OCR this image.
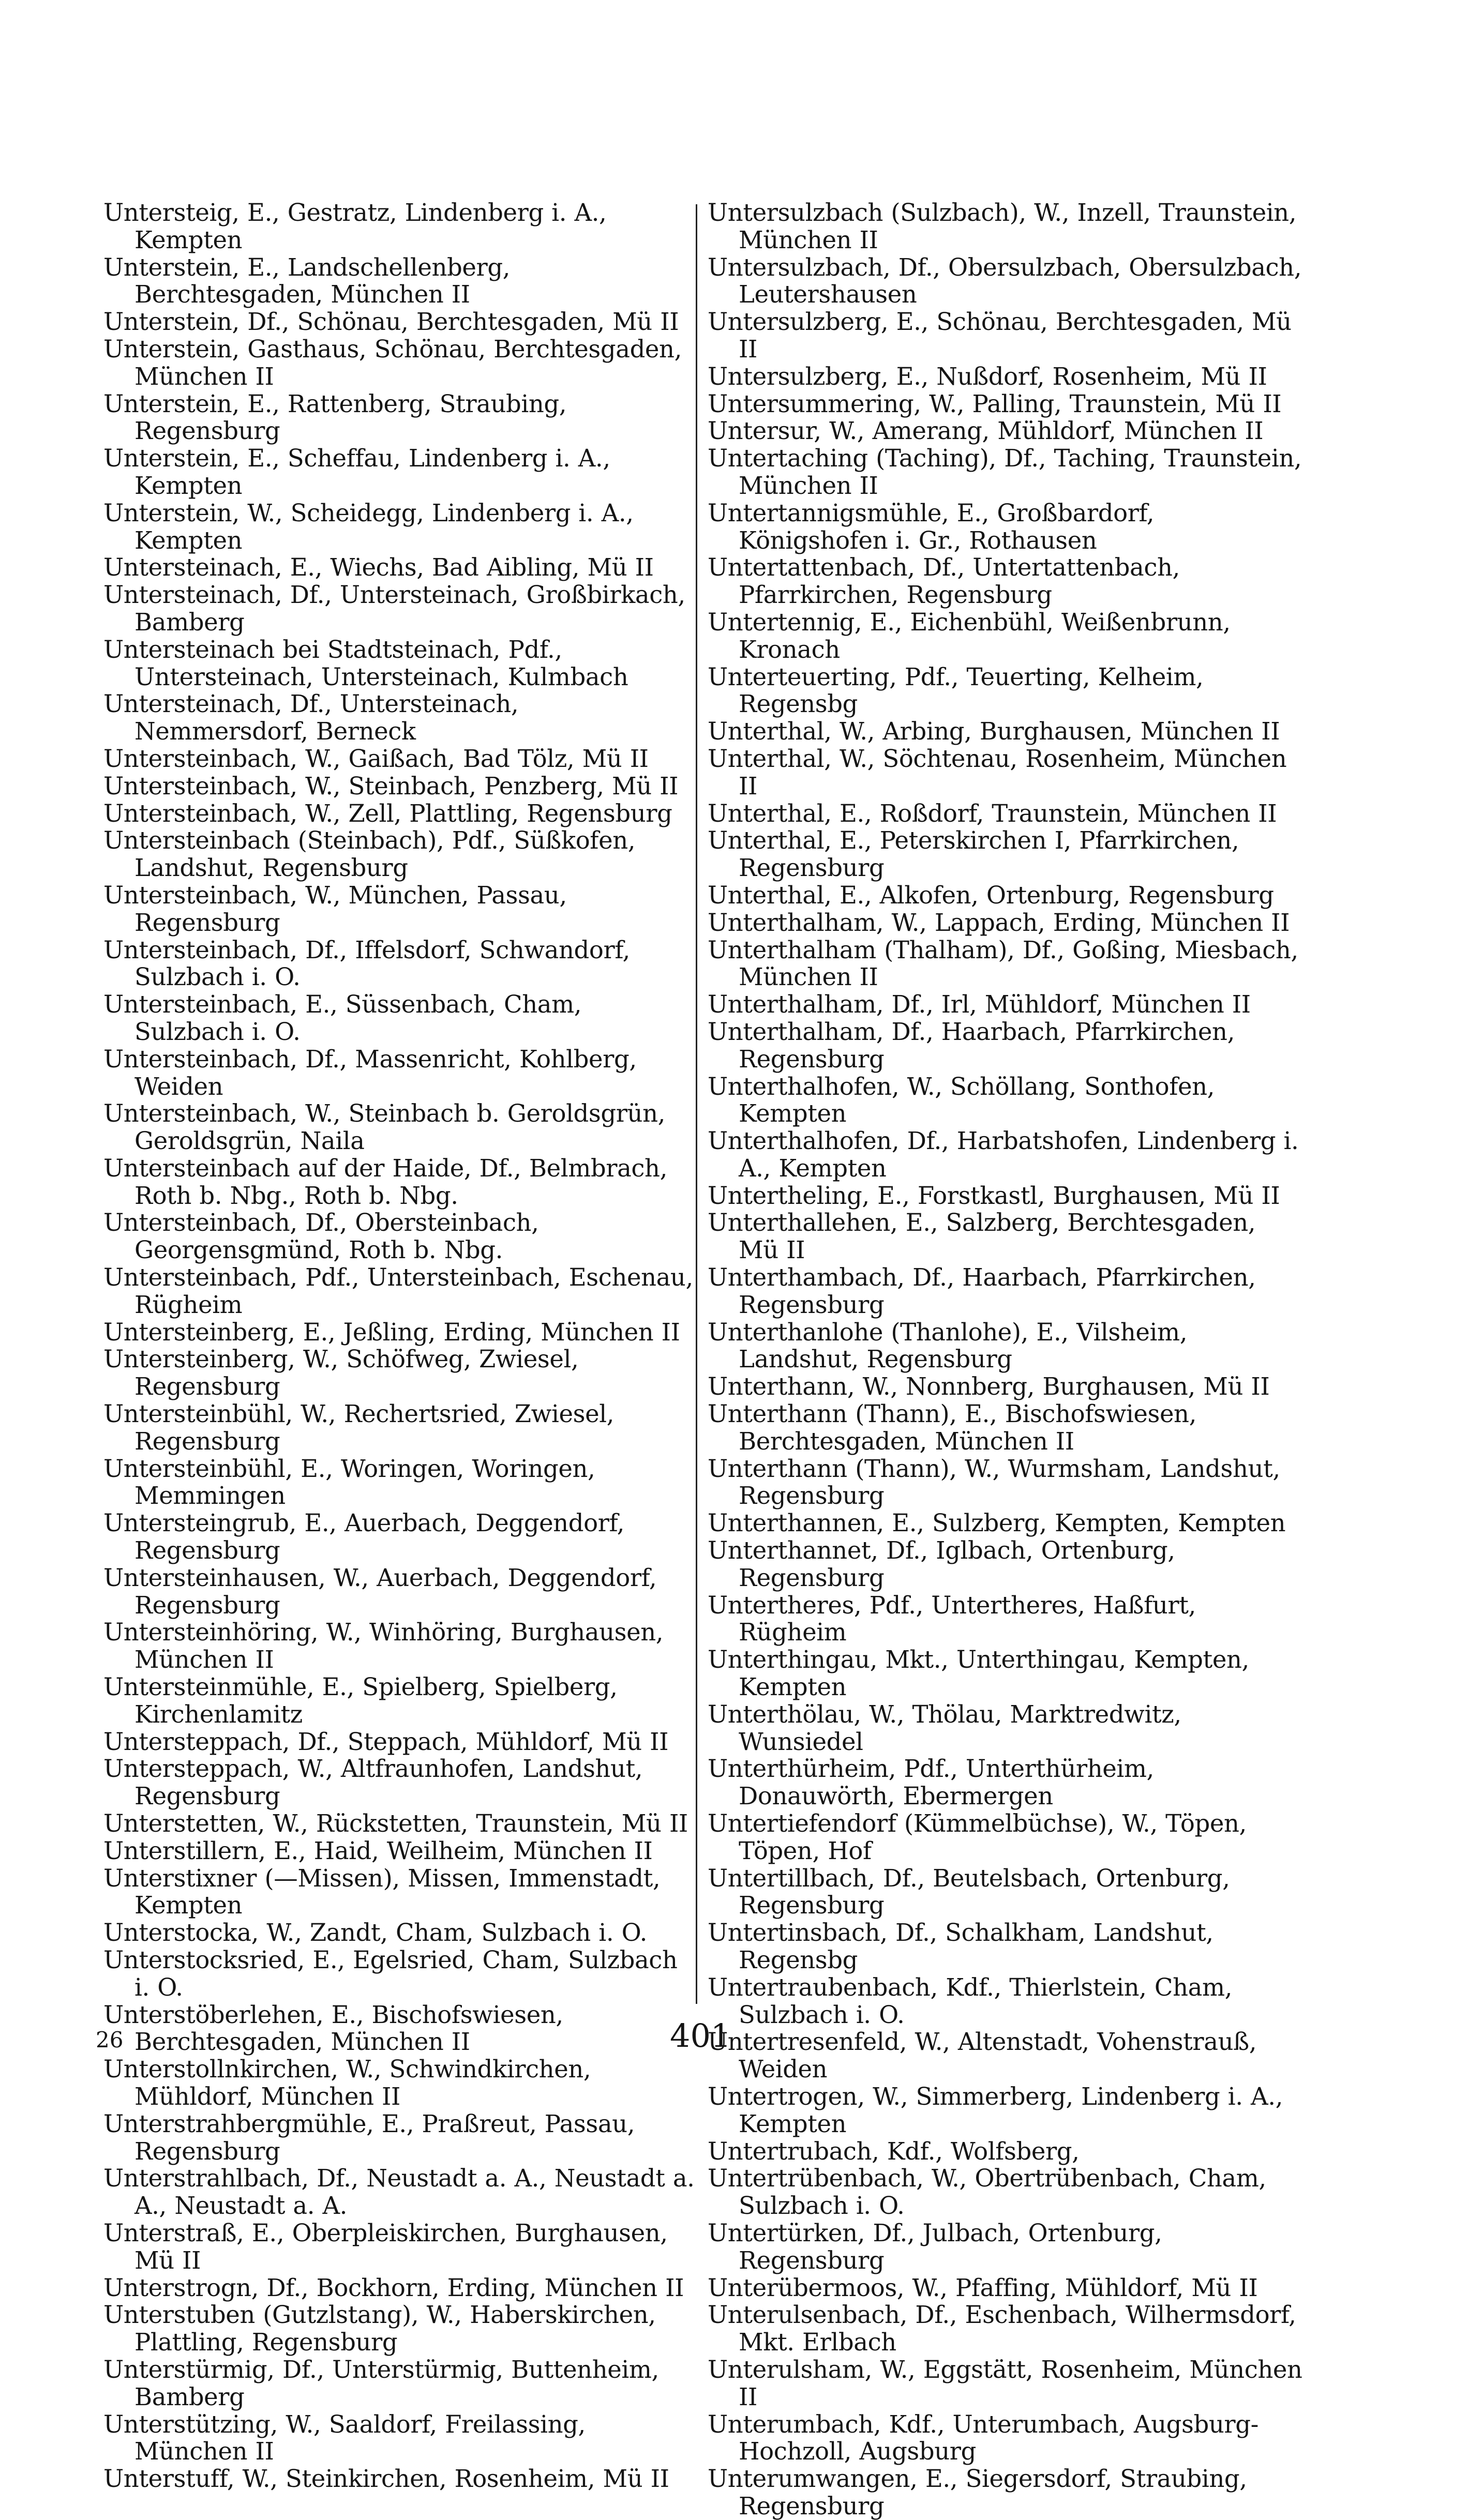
Untersteig, E., Gestratz, Lindenberg i. A., Kempten
Unterstein, E., Landschellenberg, Berchtesgaden, München II
Unterstein, Df., Schönau, Berchtesgaden, Mü II
Unterstein, Gasthaus, Schönau, Berchtesgaden, München II
Unterstein, E., Rattenberg, Straubing, Regensburg
Unterstein, E., Scheffau, Lindenberg i. A., Kempten
Unterstein, W., Scheidegg, Lindenberg i. A., Kempten
Untersteinach, E., Wiechs, Bad Aibling, Mü II
Untersteinach, Df., Untersteinach, Großbirkach, Bamberg
Untersteinach bei Stadtsteinach, Pdf., Untersteinach, Untersteinach, Kulmbach
Untersteinach, Df., Untersteinach, Nemmersdorf, Berneck
Untersteinbach, W., Gaißach, Bad Tölz, Mü II
Untersteinbach, W., Steinbach, Penzberg, Mü II
Untersteinbach, W., Zell, Plattling, Regensburg
Untersteinbach (Steinbach), Pdf., Süßkofen, Landshut, Regensburg
Untersteinbach, W., München, Passau, Regensburg
Untersteinbach, Df., Iffelsdorf, Schwandorf, Sulzbach i. O.
Untersteinbach, E., Süssenbach, Cham, Sulzbach i. O.
Untersteinbach, Df., Massenricht, Kohlberg, Weiden
Untersteinbach, W., Steinbach b. Geroldsgrün, Geroldsgrün, Naila
Untersteinbach auf der Haide, Df., Belmbrach, Roth b. Nbg., Roth b. Nbg.
Untersteinbach, Df., Obersteinbach, Georgensgmünd, Roth b. Nbg.
Untersteinbach, Pdf., Untersteinbach, Eschenau, Rügheim
Untersteinberg, E., Jeßling, Erding, München II
Untersteinberg, W., Schöfweg, Zwiesel, Regensburg
Untersteinbühl, W., Rechertsried, Zwiesel, Regensburg
Untersteinbühl, E., Woringen, Woringen, Memmingen
Untersteingrub, E., Auerbach, Deggendorf, Regensburg
Untersteinhausen, W., Auerbach, Deggendorf, Regensburg
Untersteinhöring, W., Winhöring, Burghausen, München II
Untersteinmühle, E., Spielberg, Spielberg, Kirchenlamitz
Untersteppach, Df., Steppach, Mühldorf, Mü II
Untersteppach, W., Altfraunhofen, Landshut, Regensburg
Unterstetten, W., Rückstetten, Traunstein, Mü II
Unterstillern, E., Haid, Weilheim, München II
Unterstixner (—Missen), Missen, Immenstadt, Kempten
Unterstocka, W., Zandt, Cham, Sulzbach i. O.
Unterstocksried, E., Egelsried, Cham, Sulzbach i. O.
Unterstöberlehen, E., Bischofswiesen, Berchtesgaden, München II
Unterstollnkirchen, W., Schwindkirchen, Mühldorf, München II
Unterstrahbergmühle, E., Praßreut, Passau, Regensburg
Unterstrahlbach, Df., Neustadt a. A., Neustadt a. A., Neustadt a. A.
Unterstraß, E., Oberpleiskirchen, Burghausen, Mü II
Unterstrogn, Df., Bockhorn, Erding, München II
Unterstuben (Gutzlstang), W., Haberskirchen, Plattling, Regensburg
Unterstürmig, Df., Unterstürmig, Buttenheim, Bamberg
Unterstützing, W., Saaldorf, Freilassing, München II
Unterstuff, W., Steinkirchen, Rosenheim, Mü II
Untersulzbach (Sulzbach), W., Inzell, Traunstein, München II
Untersulzbach, Df., Obersulzbach, Obersulzbach, Leutershausen
Untersulzberg, E., Schönau, Berchtesgaden, Mü II
Untersulzberg, E., Nußdorf, Rosenheim, Mü II
Untersummering, W., Palling, Traunstein, Mü II
Untersur, W., Amerang, Mühldorf, München II
Untertaching (Taching), Df., Taching, Traunstein, München II
Untertannigsmühle, E., Großbardorf, Königshofen i. Gr., Rothausen
Untertattenbach, Df., Untertattenbach, Pfarrkirchen, Regensburg
Untertennig, E., Eichenbühl, Weißenbrunn, Kronach
Unterteuerting, Pdf., Teuerting, Kelheim, Regensbg
Unterthal, W., Arbing, Burghausen, München II
Unterthal, W., Söchtenau, Rosenheim, München II
Unterthal, E., Roßdorf, Traunstein, München II
Unterthal, E., Peterskirchen I, Pfarrkirchen, Regensburg
Unterthal, E., Alkofen, Ortenburg, Regensburg
Unterthalham, W., Lappach, Erding, München II
Unterthalham (Thalham), Df., Goßing, Miesbach, München II
Unterthalham, Df., Irl, Mühldorf, München II
Unterthalham, Df., Haarbach, Pfarrkirchen, Regensburg
Unterthalhofen, W., Schöllang, Sonthofen, Kempten
Unterthalhofen, Df., Harbatshofen, Lindenberg i. A., Kempten
Untertheling, E., Forstkastl, Burghausen, Mü II
Unterthallehen, E., Salzberg, Berchtesgaden, Mü II
Unterthambach, Df., Haarbach, Pfarrkirchen, Regensburg
Unterthanlohe (Thanlohe), E., Vilsheim, Landshut, Regensburg
Unterthann, W., Nonnberg, Burghausen, Mü II
Unterthann (Thann), E., Bischofswiesen, Berchtesgaden, München II
Unterthann (Thann), W., Wurmsham, Landshut, Regensburg
Unterthannen, E., Sulzberg, Kempten, Kempten
Unterthannet, Df., Iglbach, Ortenburg, Regensburg
Untertheres, Pdf., Untertheres, Haßfurt, Rügheim
Unterthingau, Mkt., Unterthingau, Kempten, Kempten
Unterthölau, W., Thölau, Marktredwitz, Wunsiedel
Unterthürheim, Pdf., Unterthürheim, Donauwörth, Ebermergen
Untertiefendorf (Kümmelbüchse), W., Töpen, Töpen, Hof
Untertillbach, Df., Beutelsbach, Ortenburg, Regensburg
Untertinsbach, Df., Schalkham, Landshut, Regensbg
Untertraubenbach, Kdf., Thierlstein, Cham, Sulzbach i. O.
Untertresenfeld, W., Altenstadt, Vohenstrauß, Weiden
Untertrogen, W., Simmerberg, Lindenberg i. A., Kempten
Untertrubach, Kdf., Wolfsberg,
Untertrübenbach, W., Obertrübenbach, Cham, Sulzbach i. O.
Untertürken, Df., Julbach, Ortenburg, Regensburg
Unterübermoos, W., Pfaffing, Mühldorf, Mü II
Unterulsenbach, Df., Eschenbach, Wilhermsdorf, Mkt. Erlbach
Unterulsham, W., Eggstätt, Rosenheim, München II
Unterumbach, Kdf., Unterumbach, Augsburg-Hochzoll, Augsburg
Unterumwangen, E., Siegersdorf, Straubing, Regensburg
26	401
